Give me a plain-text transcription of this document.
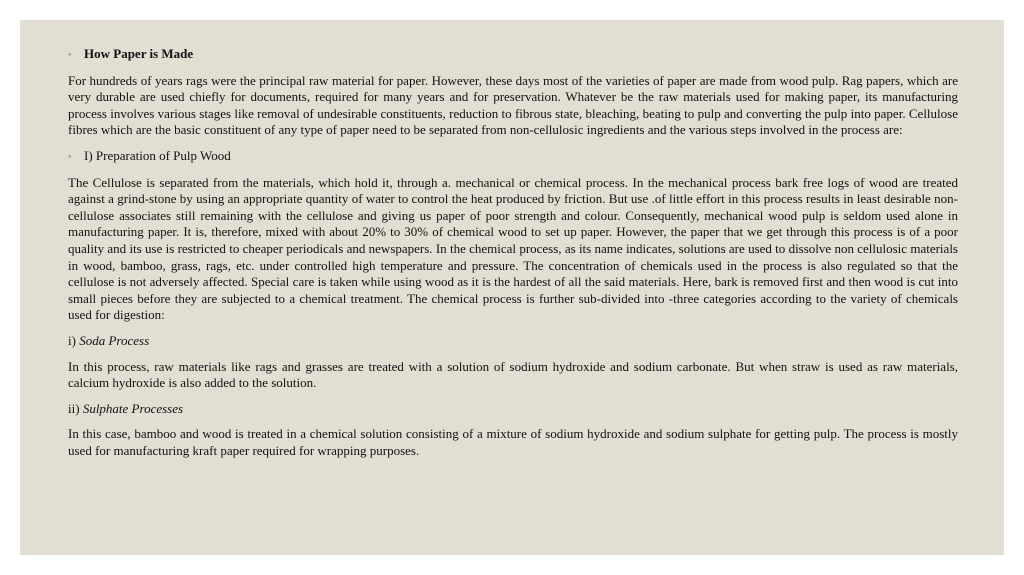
◦ How Paper is Made

For hundreds of years rags were the principal raw material for paper. However, these days most of the varieties of paper are made from wood pulp. Rag papers, which are very durable are used chiefly for documents, required for many years and for preservation. Whatever be the raw materials used for making paper, its manufacturing process involves various stages like removal of undesirable constituents, reduction to fibrous state, bleaching, beating to pulp and converting the pulp into paper. Cellulose fibres which are the basic constituent of any type of paper need to be separated from non-cellulosic ingredients and the various steps involved in the process are:

◦ I) Preparation of Pulp Wood

The Cellulose is separated from the materials, which hold it, through a. mechanical or chemical process. In the mechanical process bark free logs of wood are treated against a grind-stone by using an appropriate quantity of water to control the heat produced by friction. But use .of little effort in this process results in least desirable non-cellulose associates still remaining with the cellulose and giving us paper of poor strength and colour. Consequently, mechanical wood pulp is seldom used alone in manufacturing paper. It is, therefore, mixed with about 20% to 30% of chemical wood to set up paper. However, the paper that we get through this process is of a poor quality and its use is restricted to cheaper periodicals and newspapers. In the chemical process, as its name indicates, solutions are used to dissolve non cellulosic materials in wood, bamboo, grass, rags, etc. under controlled high temperature and pressure. The concentration of chemicals used in the process is also regulated so that the cellulose is not adversely affected. Special care is taken while using wood as it is the hardest of all the said materials. Here, bark is removed first and then wood is cut into small pieces before they are subjected to a chemical treatment. The chemical process is further sub-divided into -three categories according to the variety of chemicals used for digestion:

i) Soda Process

In this process, raw materials like rags and grasses are treated with a solution of sodium hydroxide and sodium carbonate. But when straw is used as raw materials, calcium hydroxide is also added to the solution.

ii) Sulphate Processes

In this case, bamboo and wood is treated in a chemical solution consisting of a mixture of sodium hydroxide and sodium sulphate for getting pulp. The process is mostly used for manufacturing kraft paper required for wrapping purposes.
